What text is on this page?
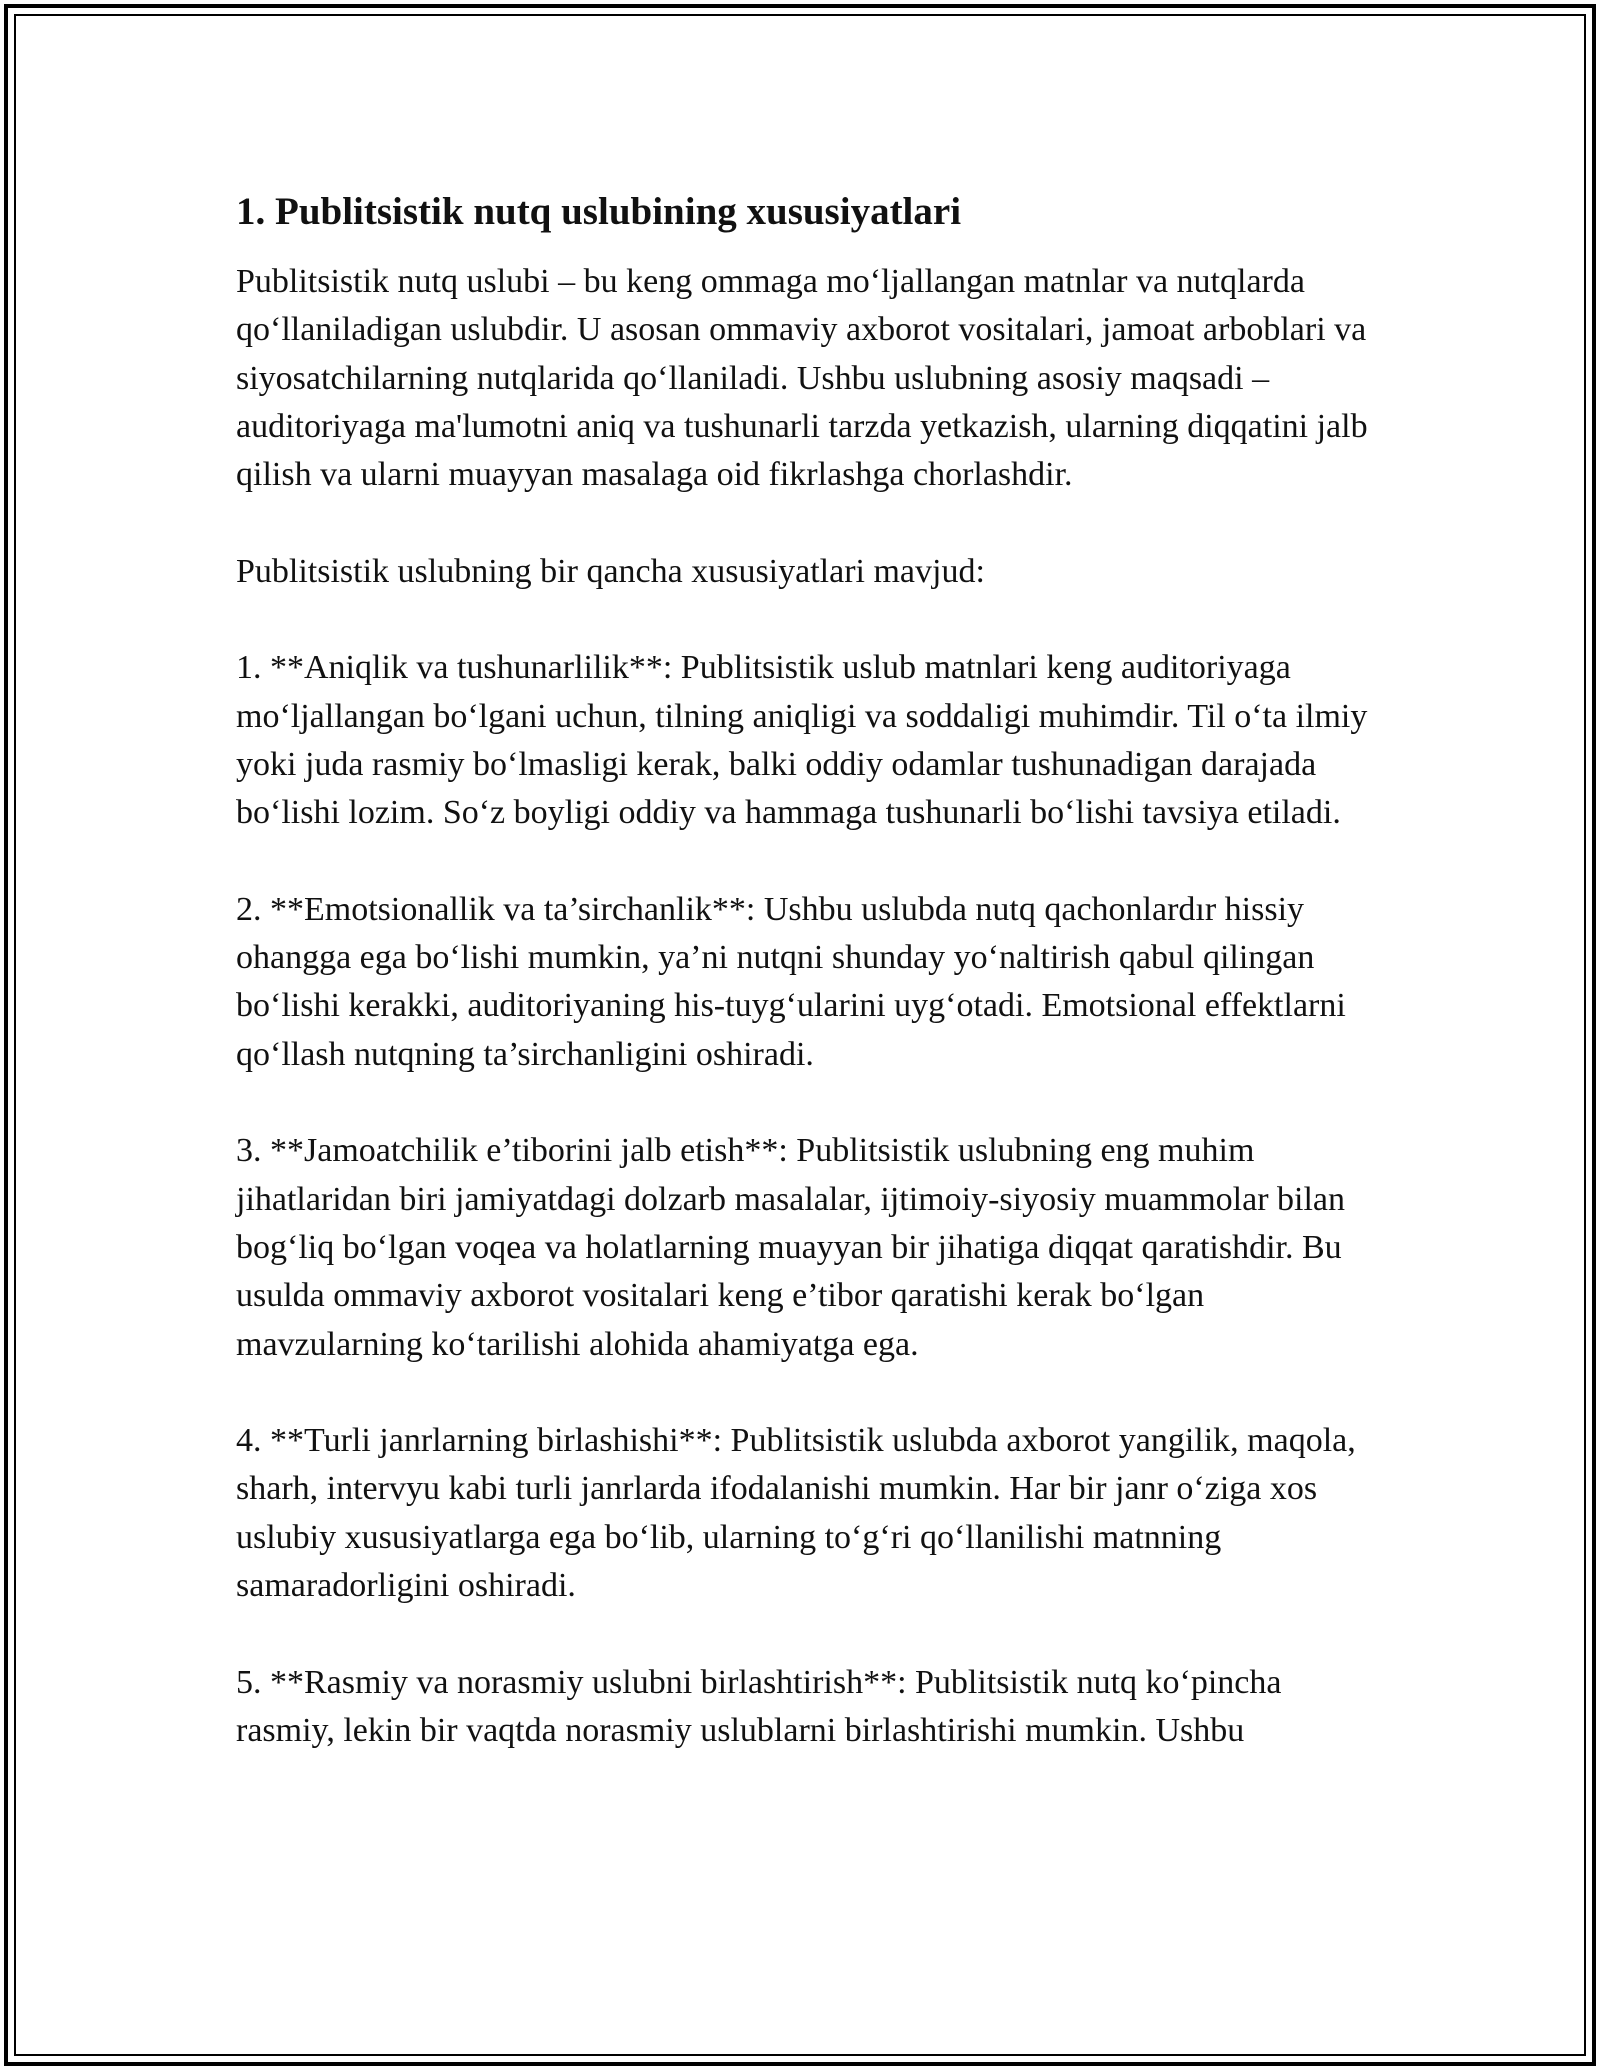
1. Publitsistik nutq uslubining xususiyatlari

Publitsistik nutq uslubi – bu keng ommaga mo‘ljallangan matnlar va nutqlarda qo‘llaniladigan uslubdir. U asosan ommaviy axborot vositalari, jamoat arboblari va siyosatchilarning nutqlarida qo‘llaniladi. Ushbu uslubning asosiy maqsadi – auditoriyaga ma'lumotni aniq va tushunarli tarzda yetkazish, ularning diqqatini jalb qilish va ularni muayyan masalaga oid fikrlashga chorlashdir.

Publitsistik uslubning bir qancha xususiyatlari mavjud:

1. **Aniqlik va tushunarlilik**: Publitsistik uslub matnlari keng auditoriyaga mo‘ljallangan bo‘lgani uchun, tilning aniqligi va soddaligi muhimdir. Til o‘ta ilmiy yoki juda rasmiy bo‘lmasligi kerak, balki oddiy odamlar tushunadigan darajada bo‘lishi lozim. So‘z boyligi oddiy va hammaga tushunarli bo‘lishi tavsiya etiladi.

2. **Emotsionallik va ta’sirchanlik**: Ushbu uslubda nutq qachonlardır hissiy ohangga ega bo‘lishi mumkin, ya’ni nutqni shunday yo‘naltirish qabul qilingan bo‘lishi kerakki, auditoriyaning his-tuyg‘ularini uyg‘otadi. Emotsional effektlarni qo‘llash nutqning ta’sirchanligini oshiradi.

3. **Jamoatchilik e’tiborini jalb etish**: Publitsistik uslubning eng muhim jihatlaridan biri jamiyatdagi dolzarb masalalar, ijtimoiy-siyosiy muammolar bilan bog‘liq bo‘lgan voqea va holatlarning muayyan bir jihatiga diqqat qaratishdir. Bu usulda ommaviy axborot vositalari keng e’tibor qaratishi kerak bo‘lgan mavzularning ko‘tarilishi alohida ahamiyatga ega.

4. **Turli janrlarning birlashishi**: Publitsistik uslubda axborot yangilik, maqola, sharh, intervyu kabi turli janrlarda ifodalanishi mumkin. Har bir janr o‘ziga xos uslubiy xususiyatlarga ega bo‘lib, ularning to‘g‘ri qo‘llanilishi matnning samaradorligini oshiradi.

5. **Rasmiy va norasmiy uslubni birlashtirish**: Publitsistik nutq ko‘pincha rasmiy, lekin bir vaqtda norasmiy uslublarni birlashtirishi mumkin. Ushbu
